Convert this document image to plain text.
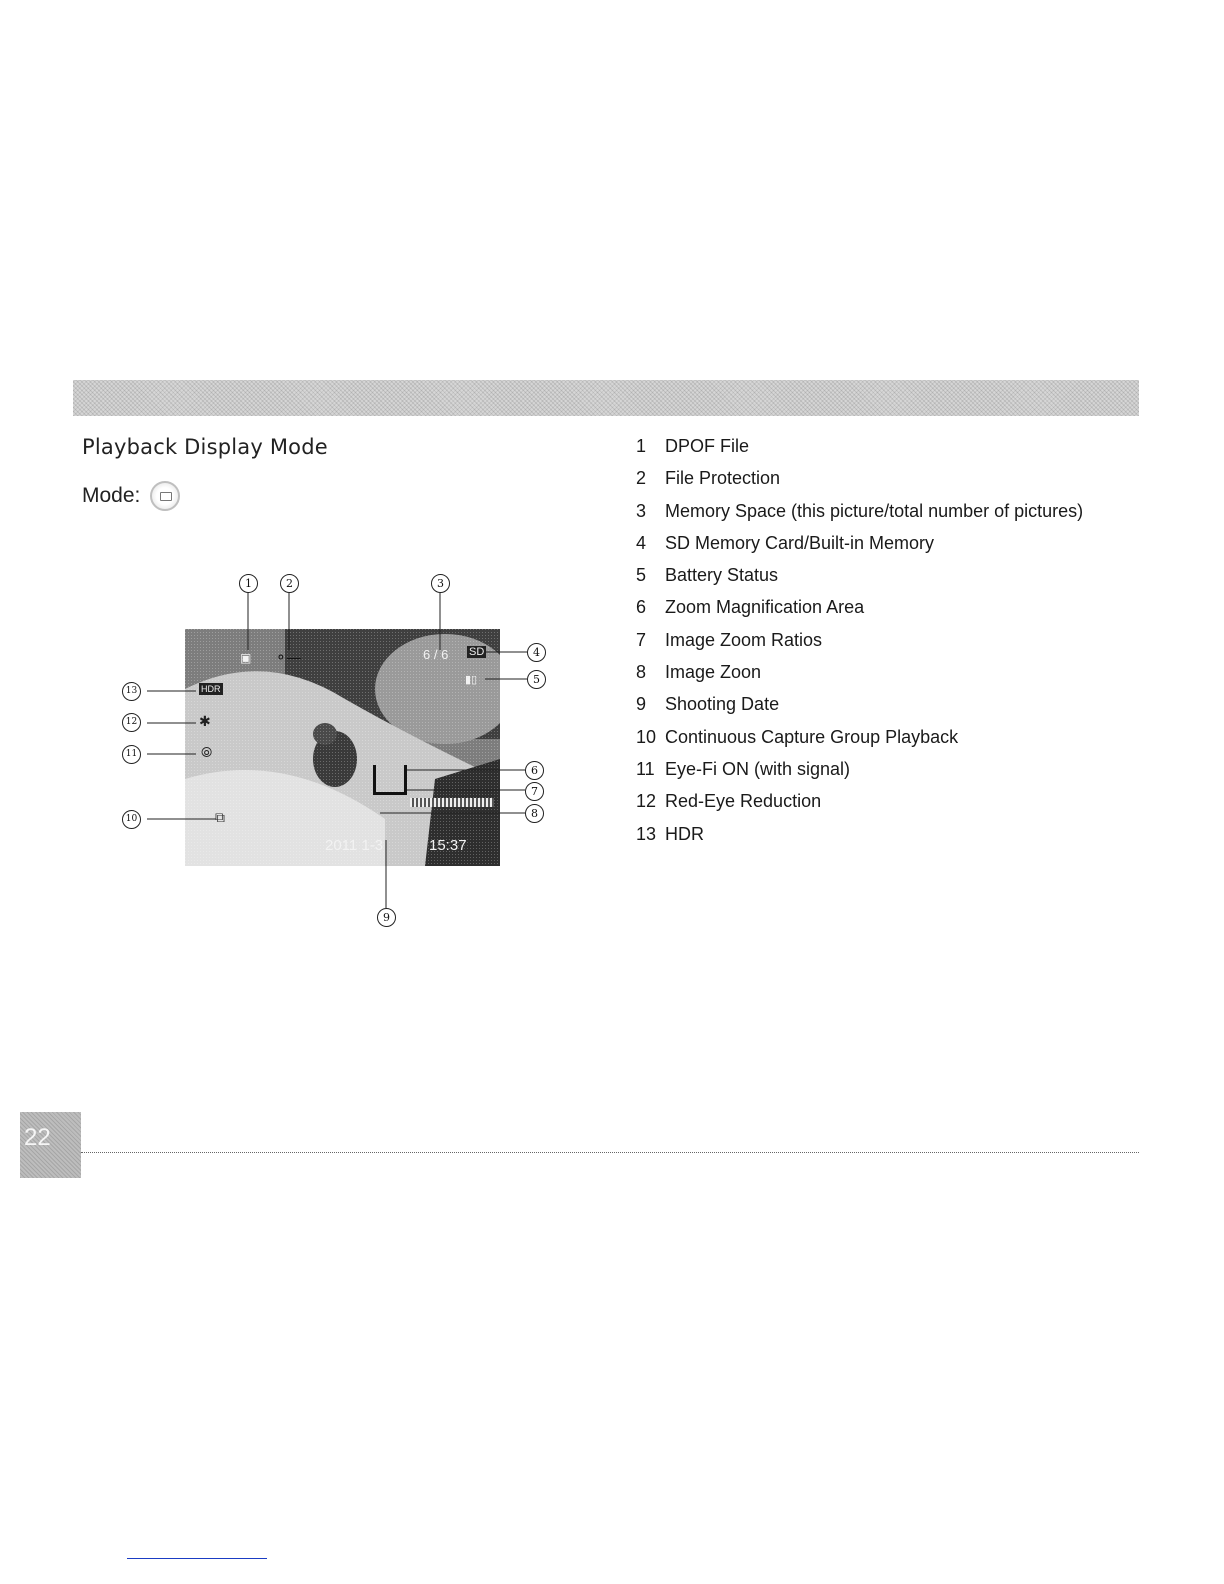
Playback Display Mode
Mode:
▣ ⚬—	6 / 6 SD
▮▯
HDR
✱
⦾
⧉
2011 1-3	15:37
1	2	3
4
5
6
7
8
9
10
11
12
13
1	DPOF File
2	File Protection
3	Memory Space (this picture/total number of pictures)
4	SD Memory Card/Built-in Memory
5	Battery Status
6	Zoom Magnification Area
7	Image Zoom Ratios
8	Image Zoon
9	Shooting Date
10 Continuous Capture Group Playback
11 Eye-Fi ON (with signal)
12 Red-Eye Reduction
13 HDR
22
